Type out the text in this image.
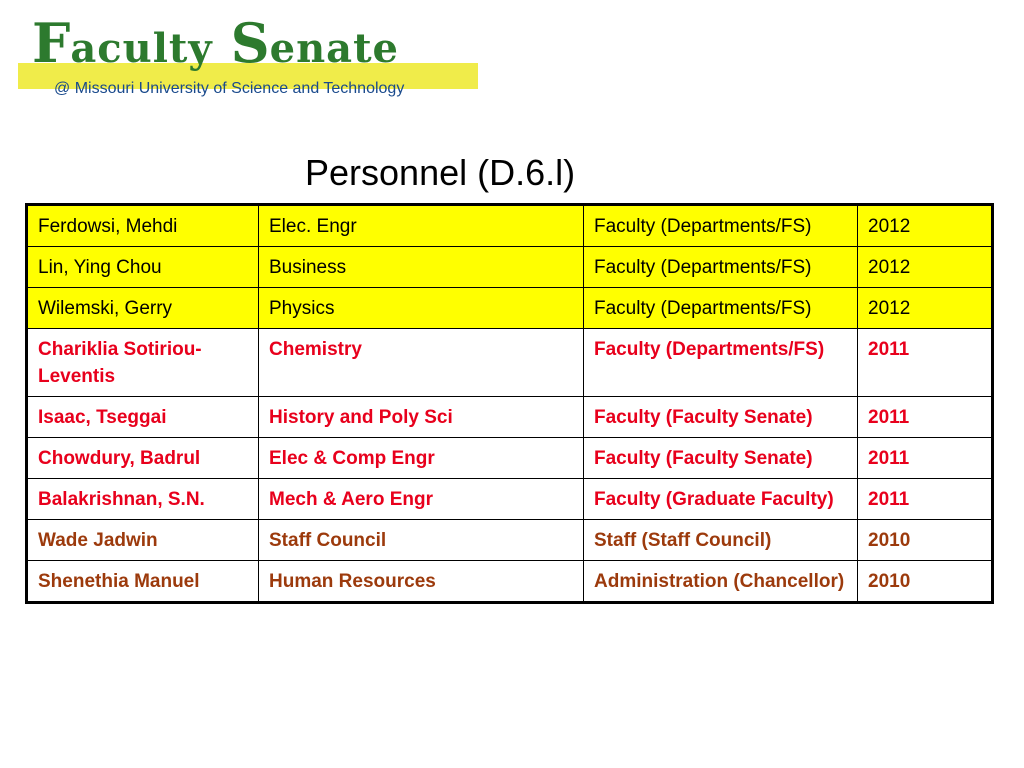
Faculty Senate
@ Missouri University of Science and Technology
Personnel (D.6.l)
Ferdowsi, Mehdi	Elec. Engr	Faculty (Departments/FS)	2012
Lin, Ying Chou	Business	Faculty (Departments/FS)	2012
Wilemski, Gerry	Physics	Faculty (Departments/FS)	2012
Chariklia Sotiriou-Leventis	Chemistry	Faculty (Departments/FS)	2011
Isaac, Tseggai	History and Poly Sci	Faculty (Faculty Senate)	2011
Chowdury, Badrul	Elec & Comp Engr	Faculty (Faculty Senate)	2011
Balakrishnan, S.N.	Mech & Aero Engr	Faculty (Graduate Faculty)	2011
Wade Jadwin	Staff Council	Staff (Staff Council)	2010
Shenethia Manuel	Human Resources	Administration (Chancellor)	2010
